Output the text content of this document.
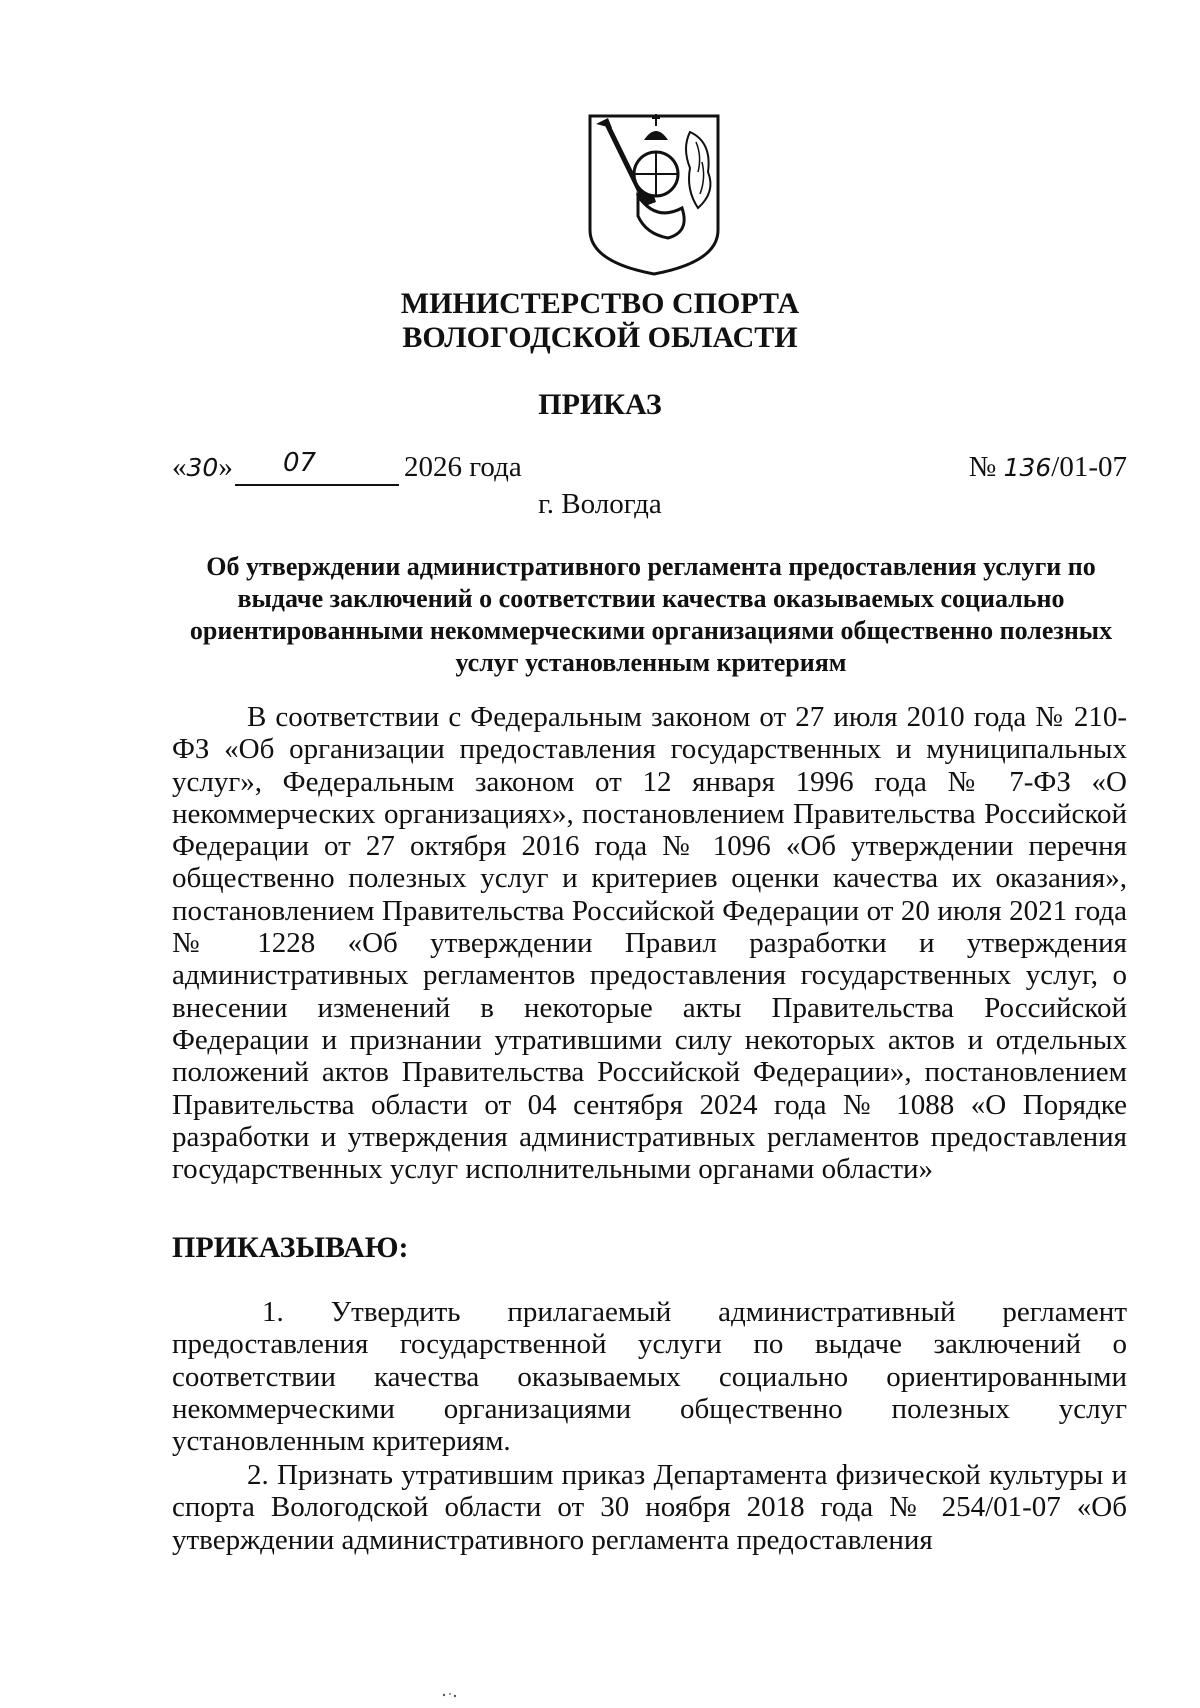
МИНИСТЕРСТВО СПОРТА
ВОЛОГОДСКОЙ ОБЛАСТИ
ПРИКАЗ
«30» 07	2026 года	№ 136/01-07
г. Вологда
Об утверждении административного регламента предоставления услуги по выдаче заключений о соответствии качества оказываемых социально ориентированными некоммерческими организациями общественно полезных услуг установленным критериям
В соответствии с Федеральным законом от 27 июля 2010 года № 210-ФЗ «Об организации предоставления государственных и муниципальных услуг», Федеральным законом от 12 января 1996 года № 7-ФЗ «О некоммерческих организациях», постановлением Правительства Российской Федерации от 27 октября 2016 года № 1096 «Об утверждении перечня общественно полезных услуг и критериев оценки качества их оказания», постановлением Правительства Российской Федерации от 20 июля 2021 года № 1228 «Об утверждении Правил разработки и утверждения административных регламентов предоставления государственных услуг, о внесении изменений в некоторые акты Правительства Российской Федерации и признании утратившими силу некоторых актов и отдельных положений актов Правительства Российской Федерации», постановлением Правительства области от 04 сентября 2024 года № 1088 «О Порядке разработки и утверждения административных регламентов предоставления государственных услуг исполнительными органами области»
ПРИКАЗЫВАЮ:
1. Утвердить прилагаемый административный регламент предоставления государственной услуги по выдаче заключений о соответствии качества оказываемых социально ориентированными некоммерческими организациями общественно полезных услуг установленным критериям.
2. Признать утратившим приказ Департамента физической культуры и спорта Вологодской области от 30 ноября 2018 года № 254/01-07 «Об утверждении административного регламента предоставления
